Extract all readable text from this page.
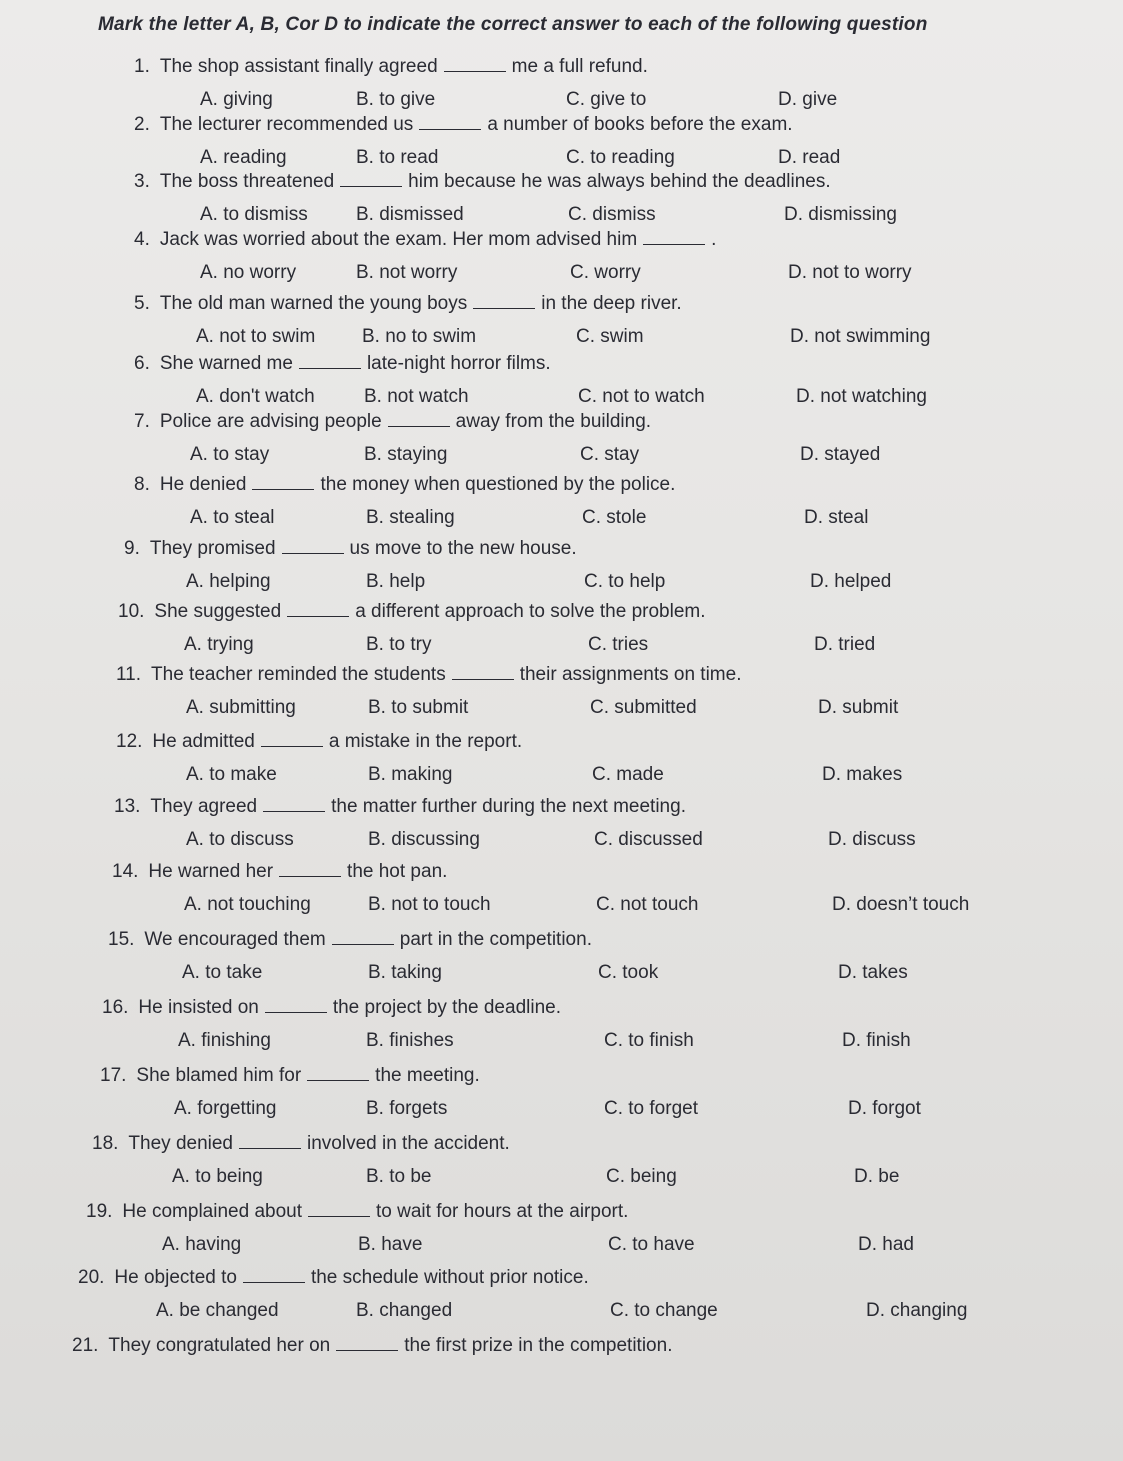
Mark the letter A, B, Cor D to indicate the correct answer to each of the following question
1. The shop assistant finally agreed	me a full refund.
A. giving	B. to give	C. give to	D. give
2. The lecturer recommended us	a number of books before the exam.
A. reading	B. to read	C. to reading	D. read
3. The boss threatened	him because he was always behind the deadlines.
A. to dismiss	B. dismissed	C. dismiss	D. dismissing
4. Jack was worried about the exam. Her mom advised him	.
A. no worry	B. not worry	C. worry	D. not to worry
5. The old man warned the young boys	in the deep river.
A. not to swim B. no to swim	C. swim	D. not swimming
6. She warned me	late-night horror films.
A. don't watch	B. not watch	C. not to watch	D. not watching
7. Police are advising people	away from the building.
A. to stay	B. staying	C. stay	D. stayed
8. He denied	the money when questioned by the police.
A. to steal	B. stealing	C. stole	D. steal
9. They promised	us move to the new house.
A. helping	B. help	C. to help	D. helped
10. She suggested	a different approach to solve the problem.
A. trying	B. to try	C. tries	D. tried
11. The teacher reminded the students	their assignments on time.
A. submitting	B. to submit	C. submitted	D. submit
12. He admitted	a mistake in the report.
A. to make	B. making	C. made	D. makes
13. They agreed	the matter further during the next meeting.
A. to discuss	B. discussing	C. discussed	D. discuss
14. He warned her	the hot pan.
A. not touching	B. not to touch	C. not touch	D. doesn’t touch
15. We encouraged them	part in the competition.
A. to take	B. taking	C. took	D. takes
16. He insisted on	the project by the deadline.
A. finishing	B. finishes	C. to finish	D. finish
17. She blamed him for	the meeting.
A. forgetting	B. forgets	C. to forget	D. forgot
18. They denied	involved in the accident.
A. to being	B. to be	C. being	D. be
19. He complained about	to wait for hours at the airport.
A. having	B. have	C. to have	D. had
20. He objected to	the schedule without prior notice.
A. be changed	B. changed	C. to change	D. changing
21. They congratulated her on	the first prize in the competition.
